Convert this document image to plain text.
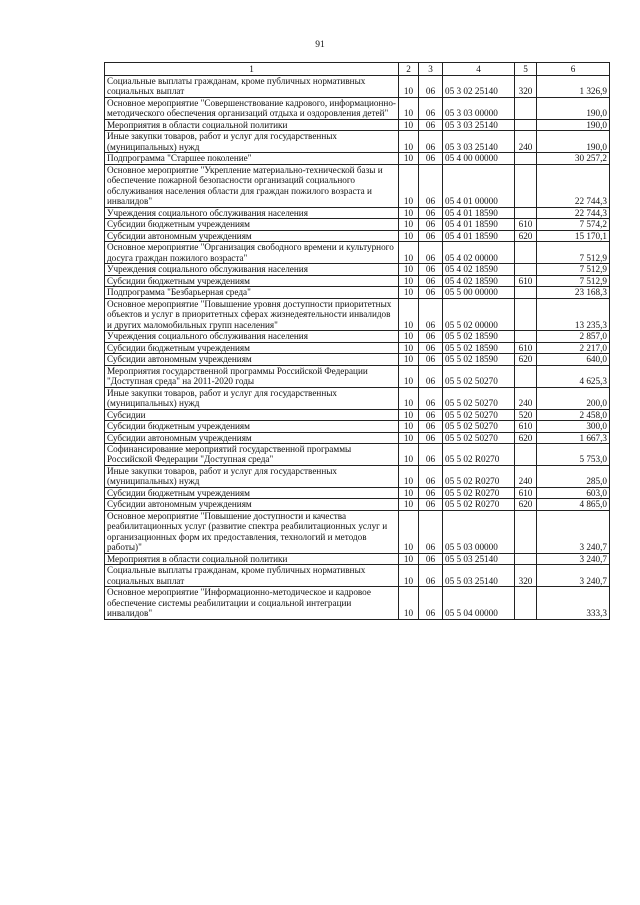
91
1	2	3	4	5	6
Социальные выплаты гражданам, кроме публичных нормативных социальных выплат	10	06	05 3 02 25140	320	1 326,9
Основное мероприятие "Совершенствование кадрового, информационно-методического обеспечения организаций отдыха и оздоровления детей"	10	06	05 3 03 00000		190,0
Мероприятия в области социальной политики	10	06	05 3 03 25140		190,0
Иные закупки товаров, работ и услуг для государственных (муниципальных) нужд	10	06	05 3 03 25140	240	190,0
Подпрограмма "Старшее поколение"	10	06	05 4 00 00000		30 257,2
Основное мероприятие "Укрепление материально-технической базы и обеспечение пожарной безопасности организаций социального обслуживания населения области для граждан пожилого возраста и инвалидов"	10	06	05 4 01 00000		22 744,3
Учреждения социального обслуживания населения	10	06	05 4 01 18590		22 744,3
Субсидии бюджетным учреждениям	10	06	05 4 01 18590	610	7 574,2
Субсидии автономным учреждениям	10	06	05 4 01 18590	620	15 170,1
Основное мероприятие "Организация свободного времени и культурного досуга граждан пожилого возраста"	10	06	05 4 02 00000		7 512,9
Учреждения социального обслуживания населения	10	06	05 4 02 18590		7 512,9
Субсидии бюджетным учреждениям	10	06	05 4 02 18590	610	7 512,9
Подпрограмма "Безбарьерная среда"	10	06	05 5 00 00000		23 168,3
Основное мероприятие "Повышение уровня доступности приоритетных объектов и услуг в приоритетных сферах жизнедеятельности инвалидов и других маломобильных групп населения"	10	06	05 5 02 00000		13 235,3
Учреждения социального обслуживания населения	10	06	05 5 02 18590		2 857,0
Субсидии бюджетным учреждениям	10	06	05 5 02 18590	610	2 217,0
Субсидии автономным учреждениям	10	06	05 5 02 18590	620	640,0
Мероприятия государственной программы Российской Федерации "Доступная среда" на 2011-2020 годы	10	06	05 5 02 50270		4 625,3
Иные закупки товаров, работ и услуг для государственных (муниципальных) нужд	10	06	05 5 02 50270	240	200,0
Субсидии	10	06	05 5 02 50270	520	2 458,0
Субсидии бюджетным учреждениям	10	06	05 5 02 50270	610	300,0
Субсидии автономным учреждениям	10	06	05 5 02 50270	620	1 667,3
Софинансирование мероприятий государственной программы Российской Федерации "Доступная среда"	10	06	05 5 02 R0270		5 753,0
Иные закупки товаров, работ и услуг для государственных (муниципальных) нужд	10	06	05 5 02 R0270	240	285,0
Субсидии бюджетным учреждениям	10	06	05 5 02 R0270	610	603,0
Субсидии автономным учреждениям	10	06	05 5 02 R0270	620	4 865,0
Основное мероприятие "Повышение доступности и качества реабилитационных услуг (развитие спектра реабилитационных услуг и организационных форм их предоставления, технологий и методов работы)"	10	06	05 5 03 00000		3 240,7
Мероприятия в области социальной политики	10	06	05 5 03 25140		3 240,7
Социальные выплаты гражданам, кроме публичных нормативных социальных выплат	10	06	05 5 03 25140	320	3 240,7
Основное мероприятие "Информационно-методическое и кадровое обеспечение системы реабилитации и социальной интеграции инвалидов"	10	06	05 5 04 00000		333,3
